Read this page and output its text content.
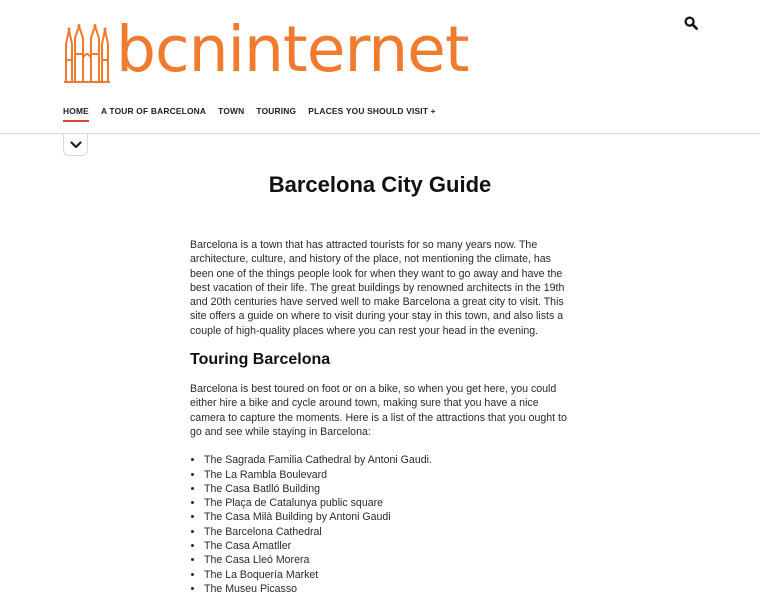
bcninternet
HOME A TOUR OF BARCELONA TOWN TOURING PLACES YOU SHOULD VISIT +
Barcelona City Guide

Barcelona is a town that has attracted tourists for so many years now. The architecture, culture, and history of the place, not mentioning the climate, has been one of the things people look for when they want to go away and have the best vacation of their life. The great buildings by renowned architects in the 19th and 20th centuries have served well to make Barcelona a great city to visit. This site offers a guide on where to visit during your stay in this town, and also lists a couple of high-quality places where you can rest your head in the evening.

Touring Barcelona

Barcelona is best toured on foot or on a bike, so when you get here, you could either hire a bike and cycle around town, making sure that you have a nice camera to capture the moments. Here is a list of the attractions that you ought to go and see while staying in Barcelona:

• The Sagrada Familia Cathedral by Antoni Gaudi.
• The La Rambla Boulevard
• The Casa Batlló Building
• The Plaça de Catalunya public square
• The Casa Milà Building by Antoni Gaudi
• The Barcelona Cathedral
• The Casa Amatller
• The Casa Lleó Morera
• The La Boquería Market
• The Museu Picasso
